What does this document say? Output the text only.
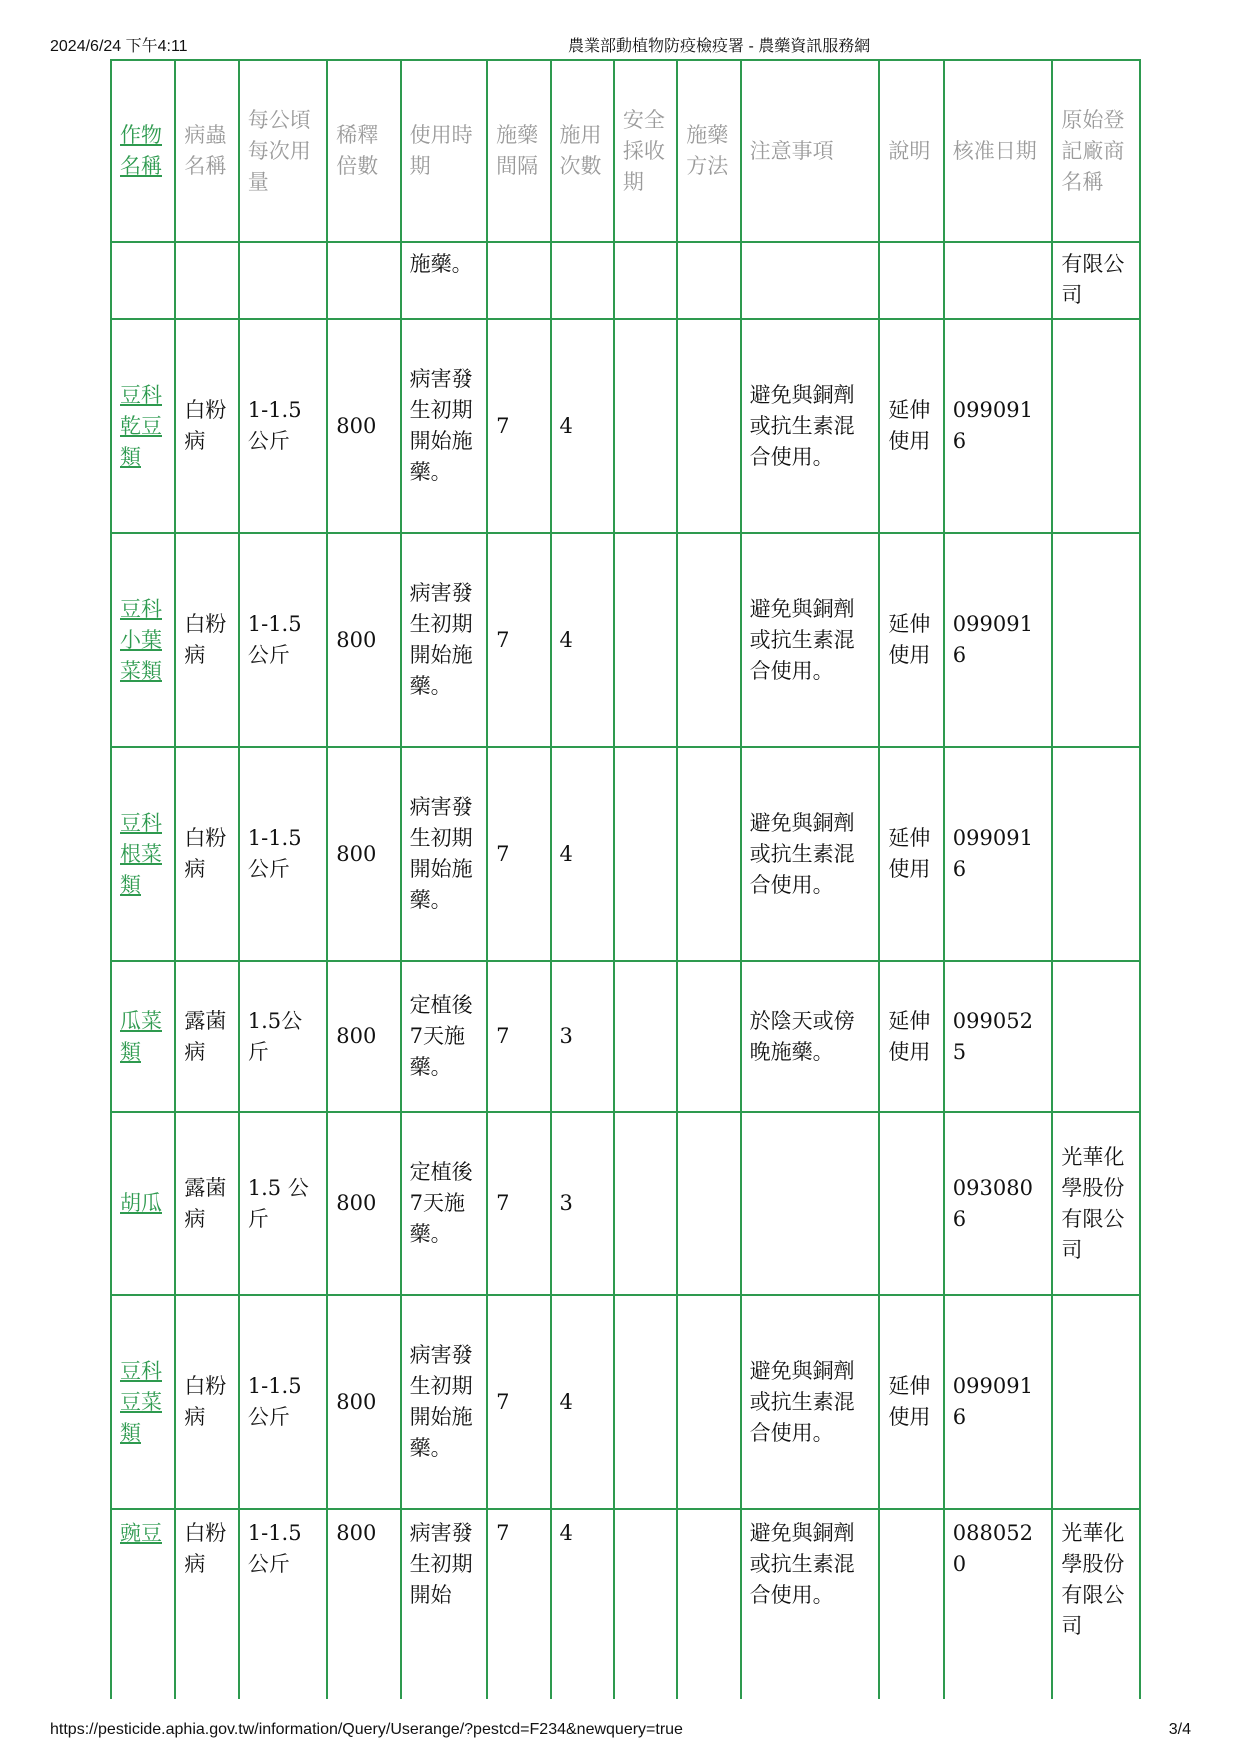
2024/6/24 下午4:11	農業部動植物防疫檢疫署 - 農藥資訊服務網
作物名稱	病蟲名稱	每公頃每次用量	稀釋倍數	使用時期	施藥間隔	施用次數	安全採收期	施藥方法	注意事項	說明	核准日期	原始登記廠商名稱
				施藥。								有限公司
豆科乾豆類	白粉病	1-1.5公斤	800	病害發生初期開始施藥。	7	4			避免與銅劑或抗生素混合使用。	延伸使用	0990916	
豆科小葉菜類	白粉病	1-1.5公斤	800	病害發生初期開始施藥。	7	4			避免與銅劑或抗生素混合使用。	延伸使用	0990916	
豆科根菜類	白粉病	1-1.5公斤	800	病害發生初期開始施藥。	7	4			避免與銅劑或抗生素混合使用。	延伸使用	0990916	
瓜菜類	露菌病	1.5公斤	800	定植後7天施藥。	7	3			於陰天或傍晚施藥。	延伸使用	0990525	
胡瓜	露菌病	1.5 公斤	800	定植後7天施藥。	7	3					0930806	光華化學股份有限公司
豆科豆菜類	白粉病	1-1.5公斤	800	病害發生初期開始施藥。	7	4			避免與銅劑或抗生素混合使用。	延伸使用	0990916	
豌豆	白粉病	1-1.5公斤	800	病害發生初期開始	7	4			避免與銅劑或抗生素混合使用。		0880520	光華化學股份有限公司
https://pesticide.aphia.gov.tw/information/Query/Userange/?pestcd=F234&newquery=true	3/4
